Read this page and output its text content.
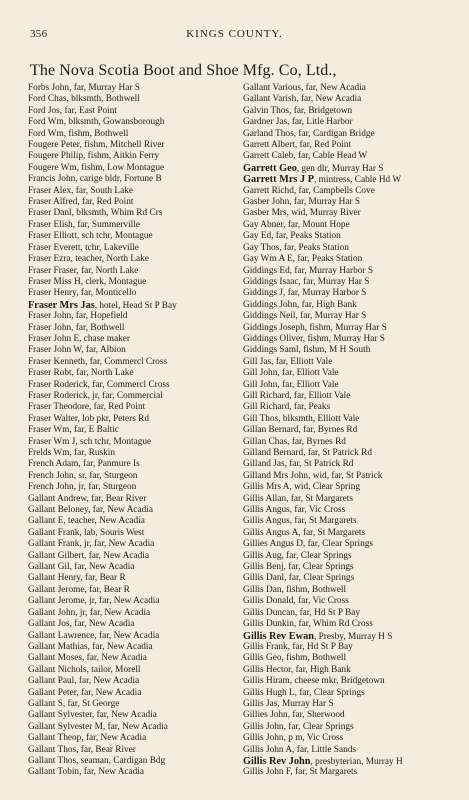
KINGS COUNTY.
356
The Nova Scotia Boot and Shoe Mfg. Co, Ltd.,
Forbs John, far, Murray Har S
Ford Chas, blksmth, Bothwell
Ford Jos, far, East Point
Ford Wm, blksmth, Gowansborough
Ford Wm, fishm, Bothwell
Fougere Peter, fishm, Mitchell River
Fougere Philip, fishm, Aitkin Ferry
Fougere Wm, fishm, Low Montague
Francis John, carige bldr, Fortune B
Fraser Alex, far, South Lake
Fraser Alfred, far, Red Point
Fraser Danl, blksmth, Whim Rd Crs
Fraser Elish, far, Summerville
Fraser Elliott, sch tchr, Montague
Fraser Everett, tchr, Lakeville
Fraser Ezra, teacher, North Lake
Fraser Fraser, far, North Lake
Fraser Miss H, clerk, Montague
Fraser Henry, far, Monticello
Fraser Mrs Jas, hotel, Head St P Bay
Fraser John, far, Hopefield
Fraser John, far, Bothwell
Fraser John E, chase maker
Fraser John W, far, Albion
Fraser Kenneth, far, Commercl Cross
Fraser Robt, far, North Lake
Fraser Roderick, far, Commercl Cross
Fraser Roderick, jr, far, Commercial
Fraser Theodore, far, Red Point
Fraser Walter, lob pkr, Peters Rd
Fraser Wm, far, E Baltic
Fraser Wm J, sch tchr, Montague
Frelds Wm, far, Ruskin
French Adam, far, Panmure Is
French John, sr, far, Sturgeon
French John, jr, far, Sturgeon
Gallant Andrew, far, Bear River
Gallant Beloney, far, New Acadia
Gallant E, teacher, New Acadia
Gallant Frank, lab, Souris West
Gallant Frank, jr, far, New Acadia
Gallant Gilbert, far, New Acadia
Gallant Gil, far, New Acadia
Gallant Henry, far, Bear R
Gallant Jerome, far, Bear R
Gallant Jerome, jr, far, New Acadia
Gallant John, jr, far, New Acadia
Gallant Jos, far, New Acadia
Gallant Lawrence, far, New Acadia
Gallant Mathias, far, New Acadia
Gallant Moses, far, New Acadia
Gallant Nichols, tailor, Morell
Gallant Paul, far, New Acadia
Gallant Peter, far, New Acadia
Gallant S, far, St George
Gallant Sylvester, far, New Acadia
Gallant Sylvester M, far, New Acadia
Gallant Theop, far, New Acadia
Gallant Thos, far, Bear River
Gallant Thos, seaman, Cardigan Bdg
Gallant Tobin, far, New Acadia
Gallant Various, far, New Acadia
Gallant Varish, far, New Acadia
Galvin Thos, far, Bridgetown
Gardner Jas, far, Litle Harbor
Garland Thos, far, Cardigan Bridge
Garrett Albert, far, Red Point
Garrett Caleb, far, Cable Head W
Garrett Geo, gen dlr, Murray Har S
Garrett Mrs J P, mintress, Cable Hd W
Garrett Richd, far, Campbells Cove
Gasber John, far, Murray Har S
Gasber Mrs, wid, Murray River
Gay Abner, far, Mount Hope
Gay Ed, far, Peaks Station
Gay Thos, far, Peaks Station
Gay Wm A E, far, Peaks Station
Giddings Ed, far, Murray Harbor S
Giddings Isaac, far, Murray Har S
Giddings J, far, Murray Harbor S
Giddings John, far, High Bank
Giddings Neil, far, Murray Har S
Giddings Joseph, fishm, Murray Har S
Giddings Oliver, fishm, Murray Har S
Giddings Saml, fishm, M H South
Gill Jas, far, Elliott Vale
Gill John, far, Elliott Vale
Gill John, far, Elliott Vale
Gill Richard, far, Elliott Vale
Gill Richard, far, Peaks
Gill Thos, blksmth, Elliott Vale
Gillan Bernard, far, Byrnes Rd
Gillan Chas, far, Byrnes Rd
Gilland Bernard, far, St Patrick Rd
Gilland Jas, far, St Patrick Rd
Gilland Mrs John, wid, far, St Patrick
Gillis Mrs A, wid, Clear Spring
Gillis Allan, far, St Margarets
Gillis Angus, far, Vic Cross
Gillis Angus, far, St Margarets
Gillis Angus A, far, St Margarets
Gillies Angus D, far, Clear Springs
Gillis Aug, far, Clear Springs
Gillis Benj, far, Clear Springs
Gillis Danl, far, Clear Springs
Gillis Dan, fishm, Bothwell
Gillis Donald, far, Vic Cross
Gillis Duncan, far, Hd St P Bay
Gillis Dunkin, far, Whim Rd Cross
Gillis Rev Ewan, Presby, Murray H S
Gillis Frank, far, Hd St P Bay
Gillis Geo, fishm, Bothwell
Gillis Hector, far, High Bank
Gillis Hiram, cheese mkr, Bridgetown
Gillis Hugh L, far, Clear Springs
Gillis Jas, Murray Har S
Gillies John, far, Sherwood
Gillis John, far, Clear Springs
Gillis John, p m, Vic Cross
Gillis John A, far, Little Sands
Gillis Rev John, presbyterian, Murray H
Gillis John F, far, St Margarets
